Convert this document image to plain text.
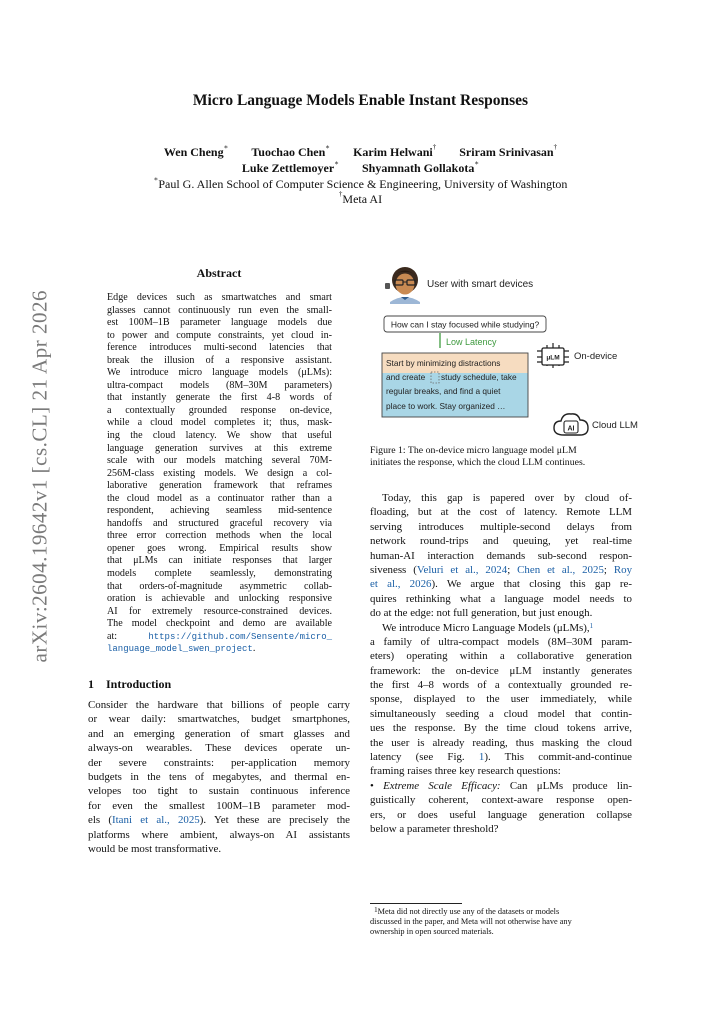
arXiv:2604.19642v1 [cs.CL] 21 Apr 2026
Micro Language Models Enable Instant Responses
Wen Cheng∗ Tuochao Chen∗ Karim Helwani† Sriram Srinivasan†
Luke Zettlemoyer∗ Shyamnath Gollakota∗
∗Paul G. Allen School of Computer Science & Engineering, University of Washington
†Meta AI
Abstract
Edge devices such as smartwatches and smart
glasses cannot continuously run even the small-
est 100M–1B parameter language models due
to power and compute constraints, yet cloud in-
ference introduces multi-second latencies that
break the illusion of a responsive assistant.
We introduce micro language models (μLMs):
ultra-compact models (8M–30M parameters)
that instantly generate the first 4-8 words of
a contextually grounded response on-device,
while a cloud model completes it; thus, mask-
ing the cloud latency. We show that useful
language generation survives at this extreme
scale with our models matching several 70M-
256M-class existing models. We design a col-
laborative generation framework that reframes
the cloud model as a continuator rather than a
respondent, achieving seamless mid-sentence
handoffs and structured graceful recovery via
three error correction methods when the local
opener goes wrong. Empirical results show
that μLMs can initiate responses that larger
models complete seamlessly, demonstrating
that orders-of-magnitude asymmetric collab-
oration is achievable and unlocking responsive
AI for extremely resource-constrained devices.
The model checkpoint and demo are available
at:	https://github.com/Sensente/micro_
language_model_swen_project.
1 Introduction
Consider the hardware that billions of people carry
or wear daily: smartwatches, budget smartphones,
and an emerging generation of smart glasses and
always-on wearables. These devices operate un-
der severe constraints: per-application memory
budgets in the tens of megabytes, and thermal en-
velopes too tight to sustain continuous inference
for even the smallest 100M–1B parameter mod-
els (Itani et al., 2025). Yet these are precisely the
platforms where ambient, always-on AI assistants
would be most transformative.
User with smart devices
How can I stay focused while studying?
Low Latency
Start by minimizing distractions
and create study schedule, take
regular breaks, and find a quiet
place to work. Stay organized …
μLM On-device
AI Cloud LLM
Figure 1: The on-device micro language model μLM
initiates the response, which the cloud LLM continues.
Today, this gap is papered over by cloud of-
floading, but at the cost of latency. Remote LLM
serving introduces multiple-second delays from
network round-trips and queuing, yet real-time
human-AI interaction demands sub-second respon-
siveness (Veluri et al., 2024; Chen et al., 2025; Roy
et al., 2026). We argue that closing this gap re-
quires rethinking what a language model needs to
do at the edge: not full generation, but just enough.
We introduce Micro Language Models (μLMs),$^1$
a family of ultra-compact models (8M–30M param-
eters) operating within a collaborative generation
framework: the on-device μLM instantly generates
the first 4–8 words of a contextually grounded re-
sponse, displayed to the user immediately, while
simultaneously seeding a cloud model that contin-
ues the response. By the time cloud tokens arrive,
the user is already reading, thus masking the cloud
latency (see Fig. 1). This commit-and-continue
framing raises three key research questions:
• Extreme Scale Efficacy: Can μLMs produce lin-
guistically coherent, context-aware response open-
ers, or does useful language generation collapse
below a parameter threshold?
$^1$Meta did not directly use any of the datasets or models
discussed in the paper, and Meta will not otherwise have any
ownership in open sourced materials.
